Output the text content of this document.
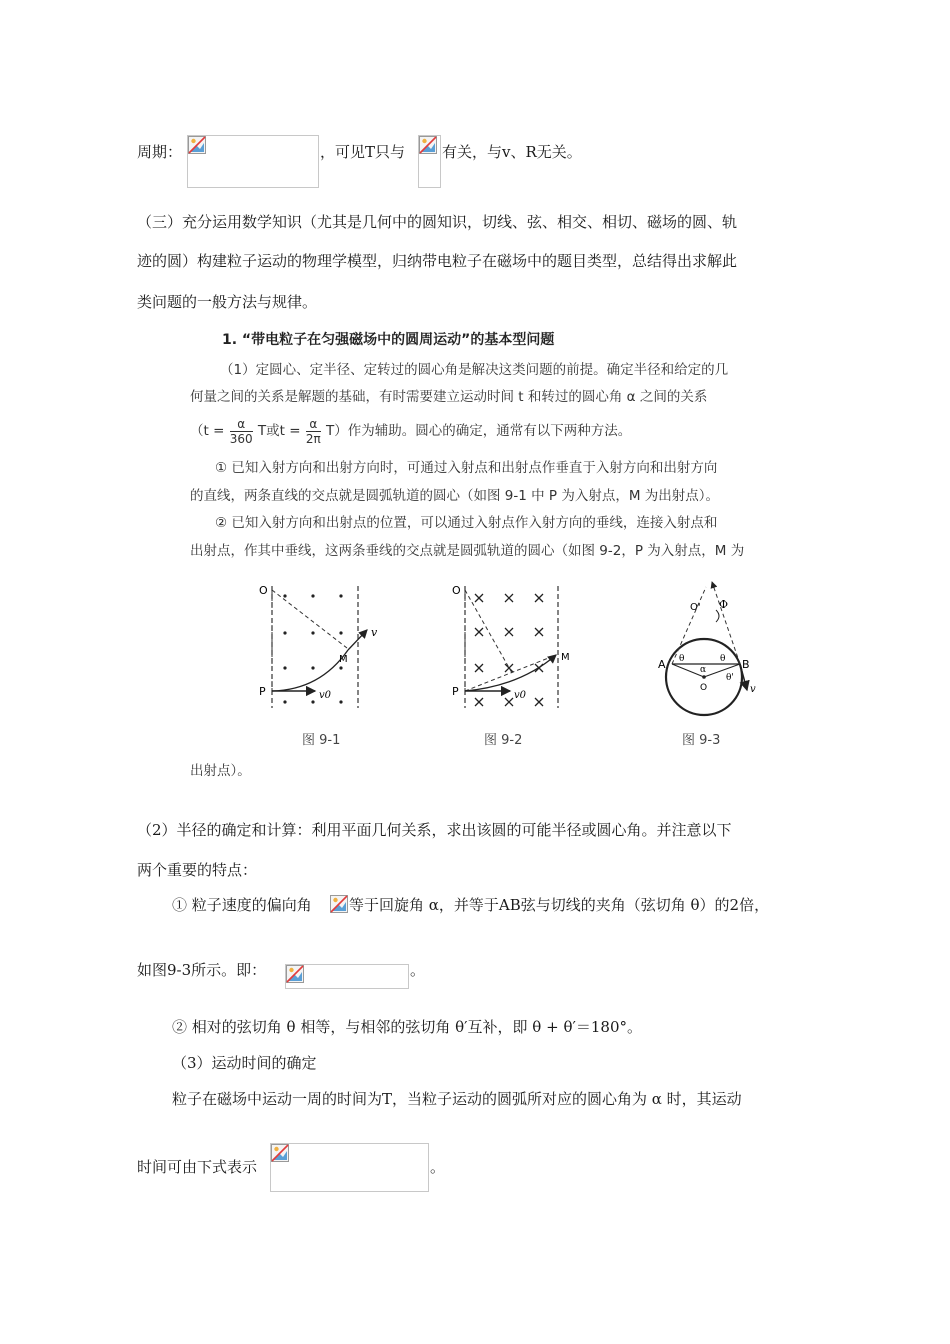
周期：	，可见T只与 有关，与v、R无关。
（三）充分运用数学知识（尤其是几何中的圆知识，切线、弦、相交、相切、磁场的圆、轨
迹的圆）构建粒子运动的物理学模型，归纳带电粒子在磁场中的题目类型，总结得出求解此
类问题的一般方法与规律。
1. “带电粒子在匀强磁场中的圆周运动”的基本型问题
（1）定圆心、定半径、定转过的圆心角是解决这类问题的前提。确定半径和给定的几
何量之间的关系是解题的基础，有时需要建立运动时间 t 和转过的圆心角 α 之间的关系
（$t = \frac{\alpha}{360}$ T或$t = \frac{\alpha}{2\pi} T$）作为辅助。圆心的确定，通常有以下两种方法。
① 已知入射方向和出射方向时，可通过入射点和出射点作垂直于入射方向和出射方向
的直线，两条直线的交点就是圆弧轨道的圆心（如图 9-1 中 P 为入射点，M 为出射点）。
② 已知入射方向和出射点的位置，可以通过入射点作入射方向的垂线，连接入射点和
出射点，作其中垂线，这两条垂线的交点就是圆弧轨道的圆心（如图 9-2，P 为入射点，M 为
O
P
M
v
v0
图 9-1
O
P
M
v0
图 9-2
A	B
O' Φ
θ	θ
θ'
α
O	v
图 9-3
出射点）。
（2）半径的确定和计算：利用平面几何关系，求出该圆的可能半径或圆心角。并注意以下
两个重要的特点：
① 粒子速度的偏向角 等于回旋角 α，并等于AB弦与切线的夹角（弦切角 θ）的2倍，
如图9-3所示。即：	。
② 相对的弦切角 θ 相等，与相邻的弦切角 θ′互补，即 θ + θ′＝180°。
（3）运动时间的确定
粒子在磁场中运动一周的时间为T，当粒子运动的圆弧所对应的圆心角为 α 时，其运动
时间可由下式表示	。
